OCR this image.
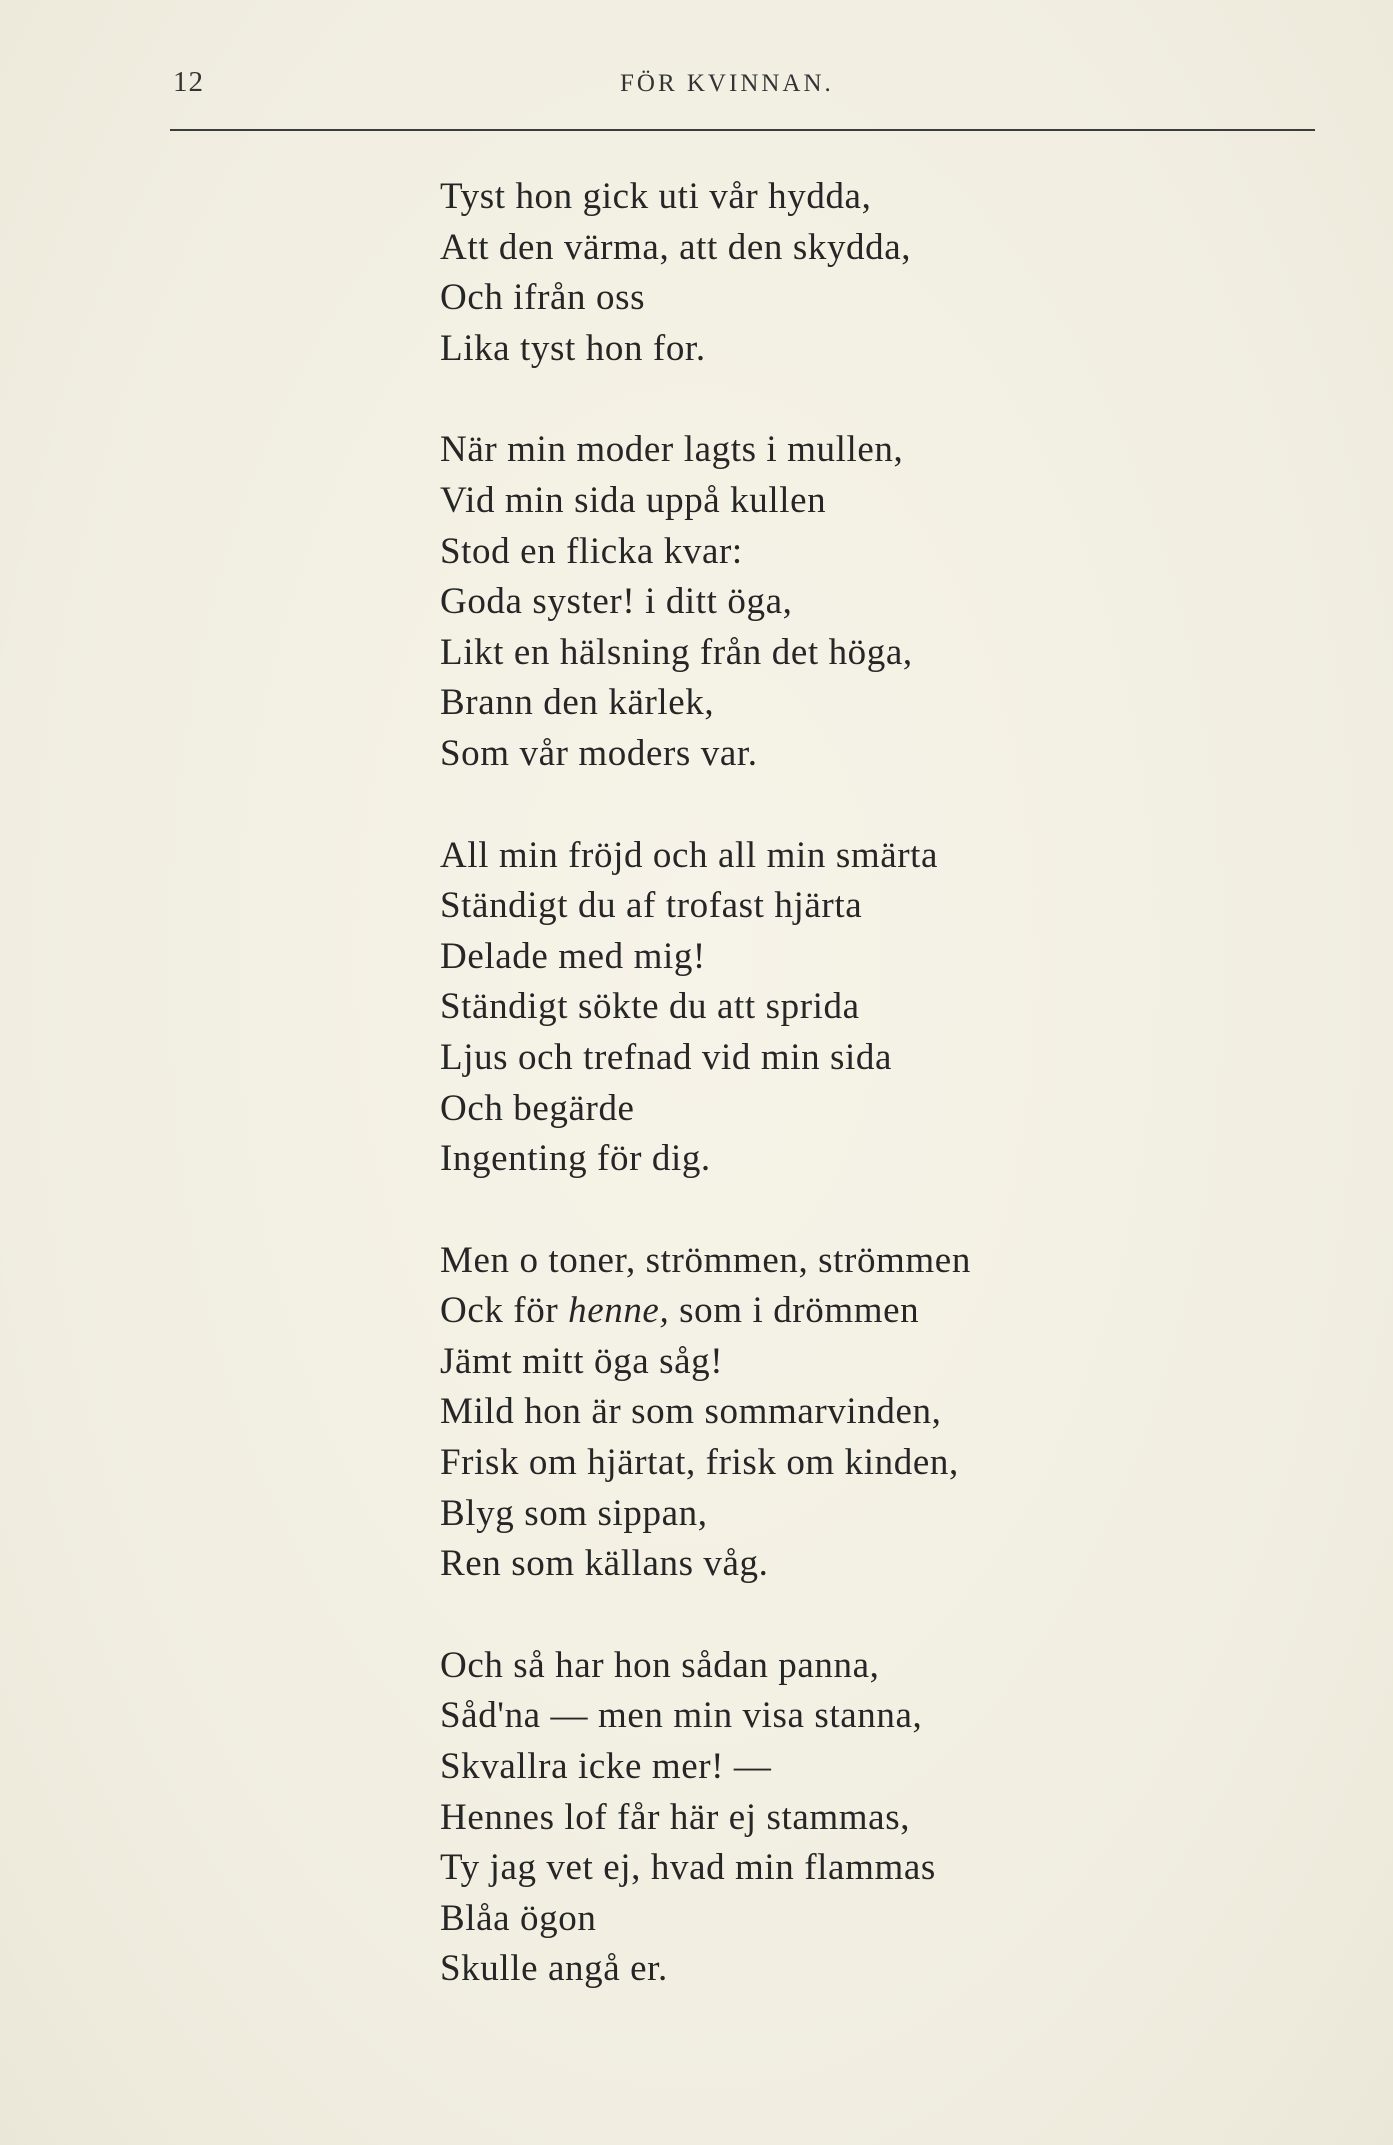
12	FÖR KVINNAN.
Tyst hon gick uti vår hydda,
Att den värma, att den skydda,
Och ifrån oss
Lika tyst hon for.
När min moder lagts i mullen,
Vid min sida uppå kullen
Stod en flicka kvar:
Goda syster! i ditt öga,
Likt en hälsning från det höga,
Brann den kärlek,
Som vår moders var.
All min fröjd och all min smärta
Ständigt du af trofast hjärta
Delade med mig!
Ständigt sökte du att sprida
Ljus och trefnad vid min sida
Och begärde
Ingenting för dig.
Men o toner, strömmen, strömmen
Ock för henne, som i drömmen
Jämt mitt öga såg!
Mild hon är som sommarvinden,
Frisk om hjärtat, frisk om kinden,
Blyg som sippan,
Ren som källans våg.
Och så har hon sådan panna,
Såd'na — men min visa stanna,
Skvallra icke mer! —
Hennes lof får här ej stammas,
Ty jag vet ej, hvad min flammas
Blåa ögon
Skulle angå er.
